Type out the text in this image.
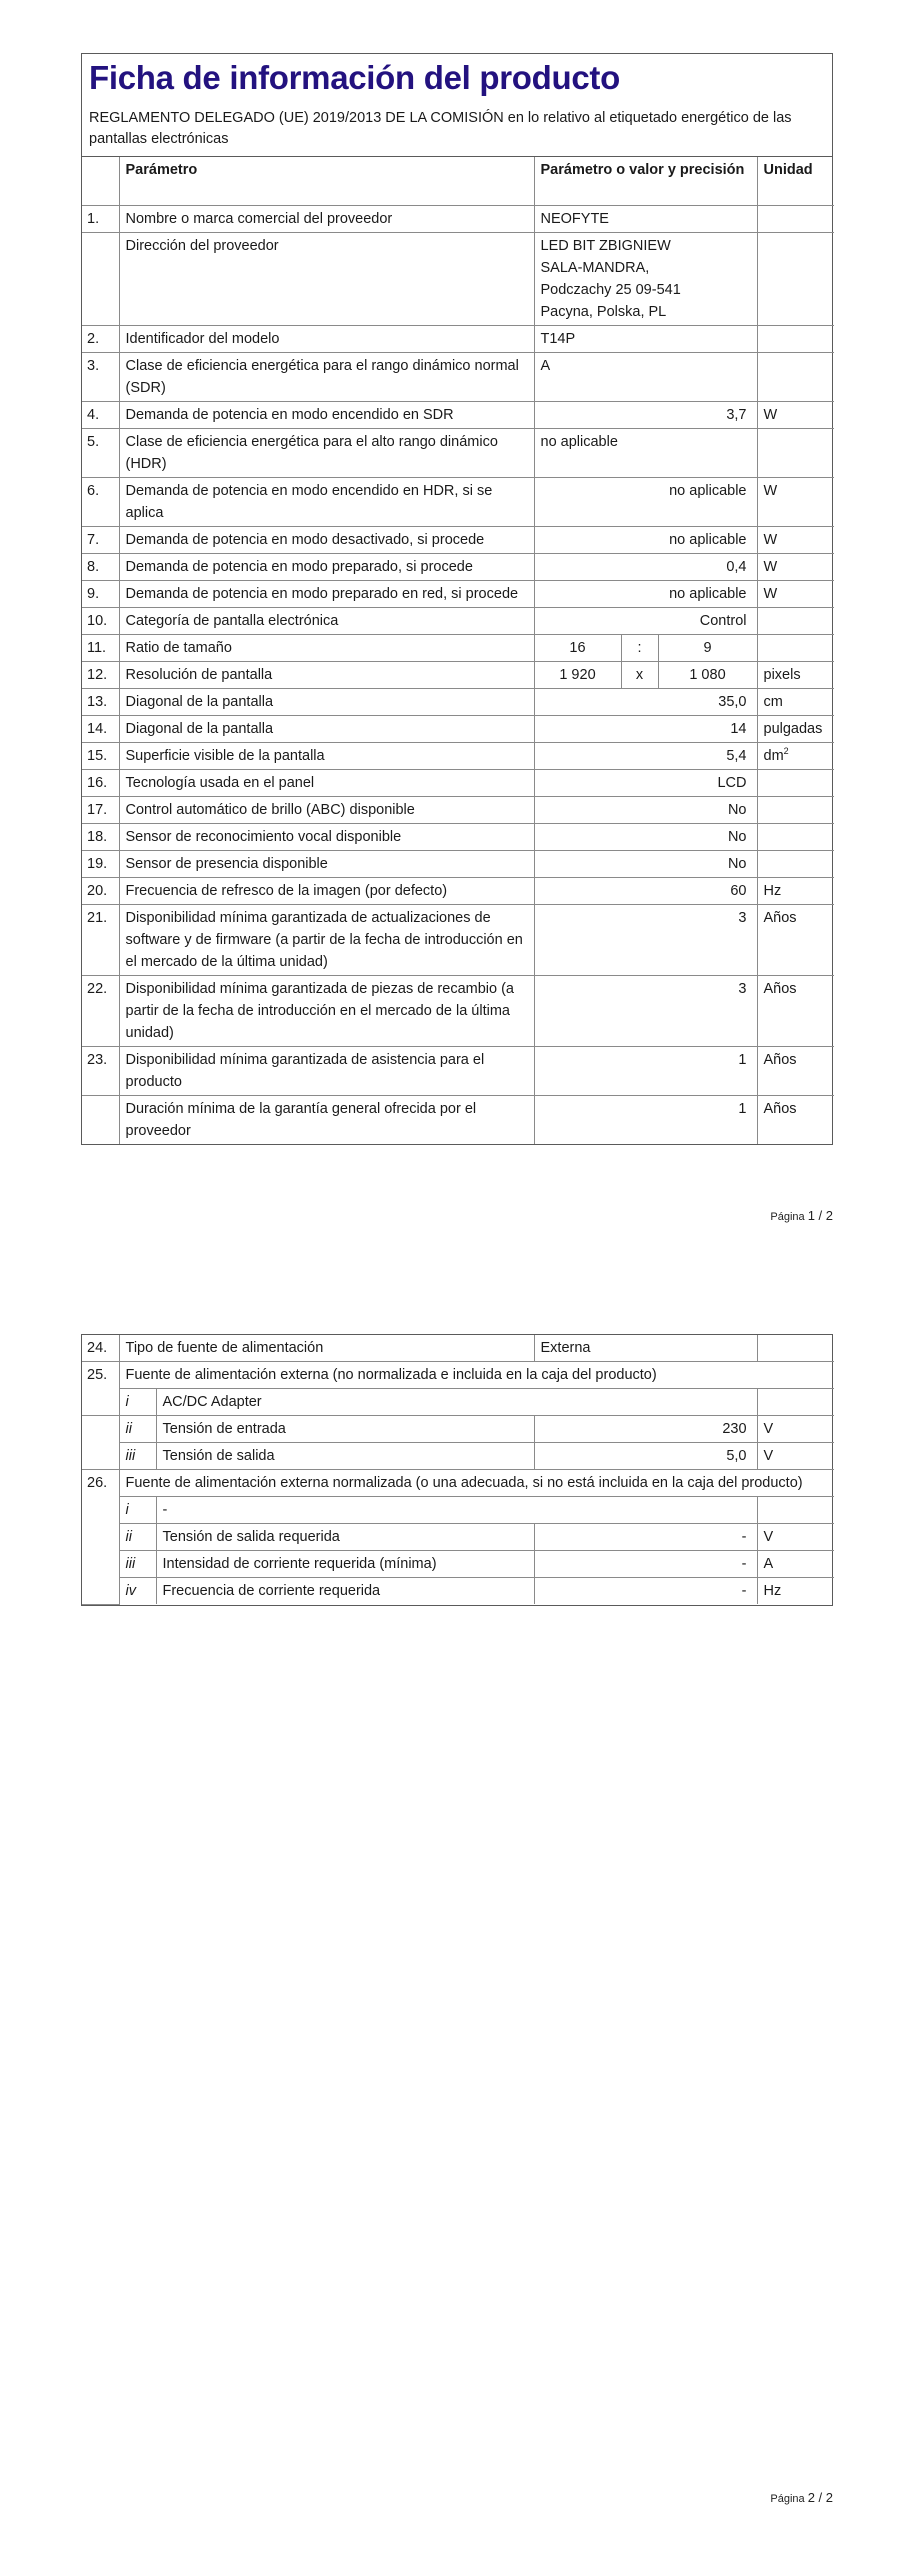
Ficha de información del producto

REGLAMENTO DELEGADO (UE) 2019/2013 DE LA COMISIÓN en lo relativo al etiquetado energético de las pantallas electrónicas

	Parámetro	Parámetro o valor y precisión			Unidad
1.	Nombre o marca comercial del proveedor	NEOFYTE			
	Dirección del proveedor	LED BIT ZBIGNIEW SALA-MANDRA, Podczachy 25 09-541 Pacyna, Polska, PL			
2.	Identificador del modelo	T14P			
3.	Clase de eficiencia energética para el rango dinámico normal (SDR)	A			
4.	Demanda de potencia en modo encendido en SDR	3,7			W
5.	Clase de eficiencia energética para el alto rango dinámico (HDR)	no aplicable			
6.	Demanda de potencia en modo encendido en HDR, si se aplica	no aplicable			W
7.	Demanda de potencia en modo desactivado, si procede	no aplicable			W
8.	Demanda de potencia en modo preparado, si procede	0,4			W
9.	Demanda de potencia en modo preparado en red, si procede	no aplicable			W
10.	Categoría de pantalla electrónica	Control			
11.	Ratio de tamaño	16	:	9	
12.	Resolución de pantalla	1 920	x	1 080	pixels
13.	Diagonal de la pantalla	35,0			cm
14.	Diagonal de la pantalla	14			pulgadas
15.	Superficie visible de la pantalla	5,4			$dm^2$
16.	Tecnología usada en el panel	LCD			
17.	Control automático de brillo (ABC) disponible	No			
18.	Sensor de reconocimiento vocal disponible	No			
19.	Sensor de presencia disponible	No			
20.	Frecuencia de refresco de la imagen (por defecto)	60			Hz
21.	Disponibilidad mínima garantizada de actualizaciones de software y de firmware (a partir de la fecha de introducción en el mercado de la última unidad)	3			Años
22.	Disponibilidad mínima garantizada de piezas de recambio (a partir de la fecha de introducción en el mercado de la última unidad)	3			Años
23.	Disponibilidad mínima garantizada de asistencia para el producto	1			Años
	Duración mínima de la garantía general ofrecida por el proveedor	1			Años
Página 1 / 2
24.	Tipo de fuente de alimentación		Externa	
25.	Fuente de alimentación externa (no normalizada e incluida en la caja del producto)			
	i	AC/DC Adapter		
	ii	Tensión de entrada	230	V
	iii	Tensión de salida	5,0	V
26.	Fuente de alimentación externa normalizada (o una adecuada, si no está incluida en la caja del producto)			
	i	-		
	ii	Tensión de salida requerida	-	V
	iii	Intensidad de corriente requerida (mínima)	-	A
	iv	Frecuencia de corriente requerida	-	Hz
Página 2 / 2
